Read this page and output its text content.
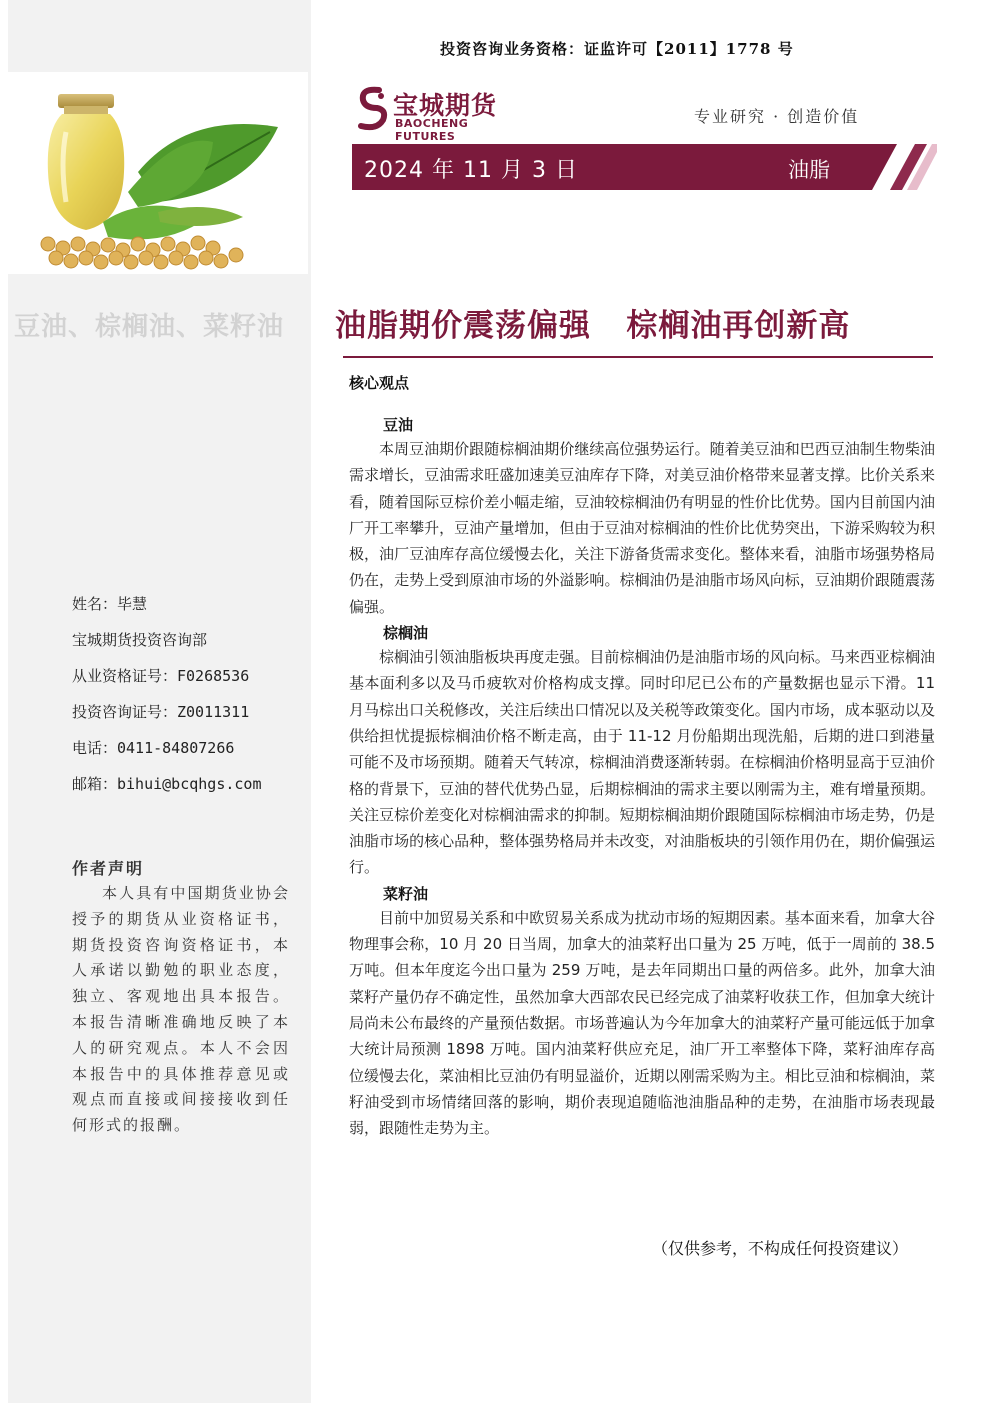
投资咨询业务资格：证监许可【2011】1778 号
宝城期货
BAOCHENG FUTURES
专业研究 · 创造价值
2024 年 11 月 3 日	油脂
豆油、棕榈油、菜籽油 油脂期价震荡偏强   棕榈油再创新高
核心观点
豆油

本周豆油期价跟随棕榈油期价继续高位强势运行。随着美豆油和巴西豆油制生物柴油需求增长，豆油需求旺盛加速美豆油库存下降，对美豆油价格带来显著支撑。比价关系来看，随着国际豆棕价差小幅走缩，豆油较棕榈油仍有明显的性价比优势。国内目前国内油厂开工率攀升，豆油产量增加，但由于豆油对棕榈油的性价比优势突出，下游采购较为积极，油厂豆油库存高位缓慢去化，关注下游备货需求变化。整体来看，油脂市场强势格局仍在，走势上受到原油市场的外溢影响。棕榈油仍是油脂市场风向标，豆油期价跟随震荡偏强。

棕榈油

棕榈油引领油脂板块再度走强。目前棕榈油仍是油脂市场的风向标。马来西亚棕榈油基本面利多以及马币疲软对价格构成支撑。同时印尼已公布的产量数据也显示下滑。11 月马棕出口关税修改，关注后续出口情况以及关税等政策变化。国内市场，成本驱动以及供给担忧提振棕榈油价格不断走高，由于 11-12 月份船期出现洗船，后期的进口到港量可能不及市场预期。随着天气转凉，棕榈油消费逐渐转弱。在棕榈油价格明显高于豆油价格的背景下，豆油的替代优势凸显，后期棕榈油的需求主要以刚需为主，难有增量预期。关注豆棕价差变化对棕榈油需求的抑制。短期棕榈油期价跟随国际棕榈油市场走势，仍是油脂市场的核心品种，整体强势格局并未改变，对油脂板块的引领作用仍在，期价偏强运行。

菜籽油

目前中加贸易关系和中欧贸易关系成为扰动市场的短期因素。基本面来看，加拿大谷物理事会称，10 月 20 日当周，加拿大的油菜籽出口量为 25 万吨，低于一周前的 38.5 万吨。但本年度迄今出口量为 259 万吨，是去年同期出口量的两倍多。此外，加拿大油菜籽产量仍存不确定性，虽然加拿大西部农民已经完成了油菜籽收获工作，但加拿大统计局尚未公布最终的产量预估数据。市场普遍认为今年加拿大的油菜籽产量可能远低于加拿大统计局预测 1898 万吨。国内油菜籽供应充足，油厂开工率整体下降，菜籽油库存高位缓慢去化，菜油相比豆油仍有明显溢价，近期以刚需采购为主。相比豆油和棕榈油，菜籽油受到市场情绪回落的影响，期价表现追随临池油脂品种的走势，在油脂市场表现最弱，跟随性走势为主。

姓名：毕慧
宝城期货投资咨询部
从业资格证号：F0268536
投资咨询证号：Z0011311
电话：0411-84807266
邮箱：bihui@bcqhgs.com
作者声明
本人具有中国期货业协会授予的期货从业资格证书，期货投资咨询资格证书，本人承诺以勤勉的职业态度，独立、客观地出具本报告。本报告清晰准确地反映了本人的研究观点。本人不会因本报告中的具体推荐意见或观点而直接或间接接收到任何形式的报酬。
（仅供参考，不构成任何投资建议）
